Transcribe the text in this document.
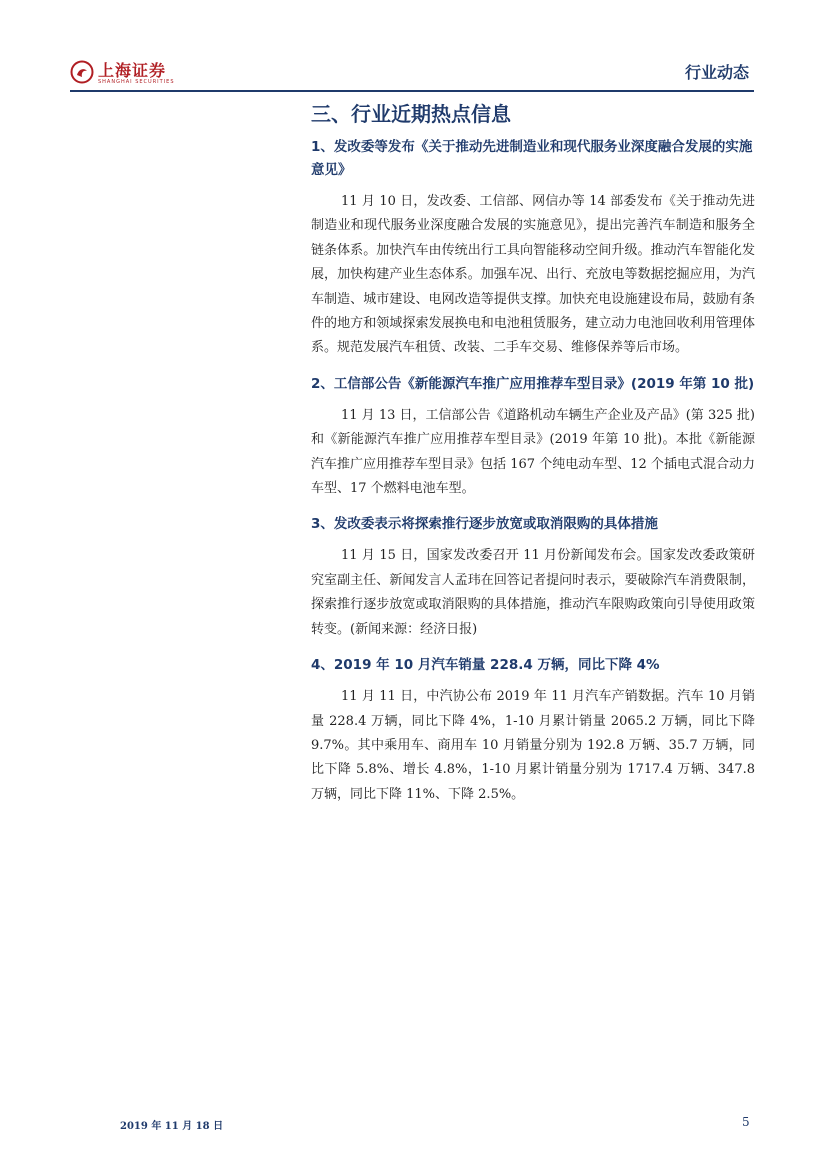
上海证券
SHANGHAI SECURITIES	行业动态
三、行业近期热点信息

1、发改委等发布《关于推动先进制造业和现代服务业深度融合发展的实施意见》

11 月 10 日，发改委、工信部、网信办等 14 部委发布《关于推动先进制造业和现代服务业深度融合发展的实施意见》，提出完善汽车制造和服务全链条体系。加快汽车由传统出行工具向智能移动空间升级。推动汽车智能化发展，加快构建产业生态体系。加强车况、出行、充放电等数据挖掘应用，为汽车制造、城市建设、电网改造等提供支撑。加快充电设施建设布局，鼓励有条件的地方和领域探索发展换电和电池租赁服务，建立动力电池回收利用管理体系。规范发展汽车租赁、改装、二手车交易、维修保养等后市场。

2、工信部公告《新能源汽车推广应用推荐车型目录》(2019 年第 10 批)

11 月 13 日，工信部公告《道路机动车辆生产企业及产品》(第 325 批)和《新能源汽车推广应用推荐车型目录》(2019 年第 10 批)。本批《新能源汽车推广应用推荐车型目录》包括 167 个纯电动车型、12 个插电式混合动力车型、17 个燃料电池车型。

3、发改委表示将探索推行逐步放宽或取消限购的具体措施

11 月 15 日，国家发改委召开 11 月份新闻发布会。国家发改委政策研究室副主任、新闻发言人孟玮在回答记者提问时表示，要破除汽车消费限制，探索推行逐步放宽或取消限购的具体措施，推动汽车限购政策向引导使用政策转变。(新闻来源：经济日报)

4、2019 年 10 月汽车销量 228.4 万辆，同比下降 4%

11 月 11 日，中汽协公布 2019 年 11 月汽车产销数据。汽车 10 月销量 228.4 万辆，同比下降 4%，1-10 月累计销量 2065.2 万辆，同比下降 9.7%。其中乘用车、商用车 10 月销量分别为 192.8 万辆、35.7 万辆，同比下降 5.8%、增长 4.8%，1-10 月累计销量分别为 1717.4 万辆、347.8 万辆，同比下降 11%、下降 2.5%。

2019 年 11 月 18 日	5
